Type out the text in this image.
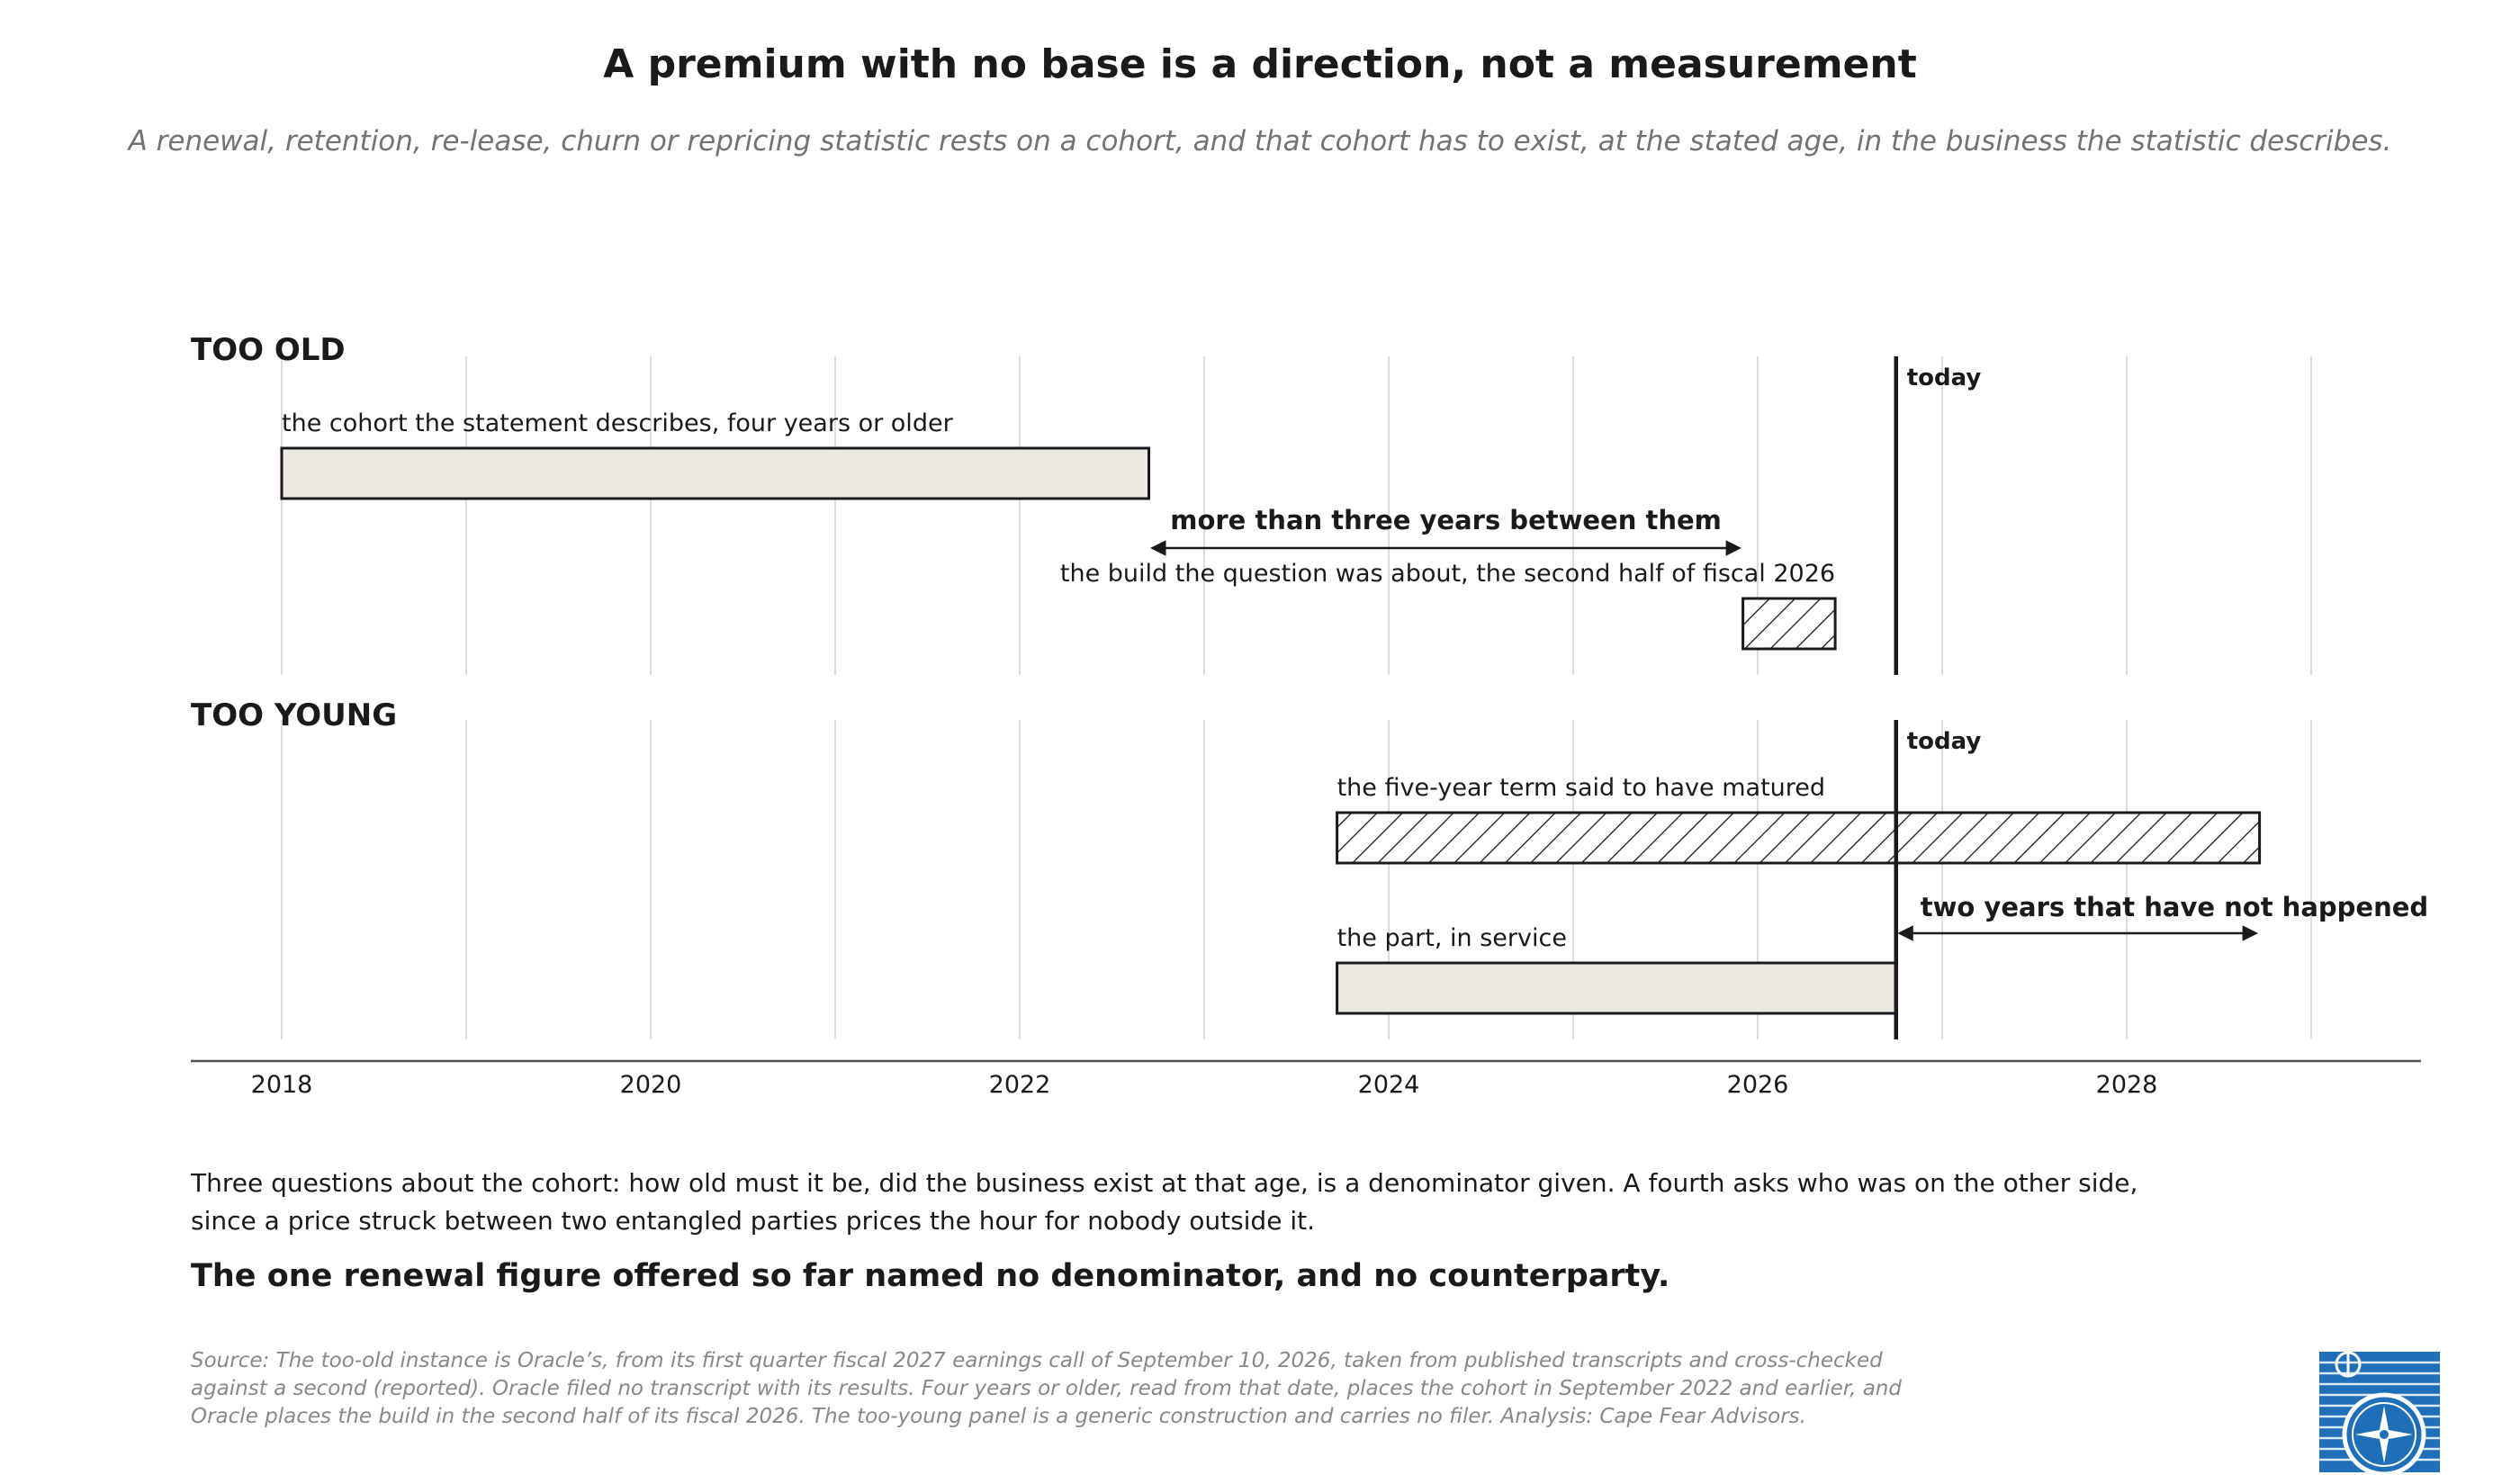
A premium with no base is a direction, not a measurement
A renewal, retention, re-lease, churn or repricing statistic rests on a cohort, and that cohort has to exist, at the stated age, in the business the statistic describes.
the cohort the statement describes, four years or older
the build the question was about, the second half of fiscal 2026
the five-year term said to have matured
the part, in service
more than three years between them
two years that have not happened
today
today
2018	2020	2022	2024	2026	2028
TOO OLD
TOO YOUNG
Three questions about the cohort: how old must it be, did the business exist at that age, is a denominator given. A fourth asks who was on the other side,
since a price struck between two entangled parties prices the hour for nobody outside it.
The one renewal figure offered so far named no denominator, and no counterparty.
Source: The too-old instance is Oracle’s, from its first quarter fiscal 2027 earnings call of September 10, 2026, taken from published transcripts and cross-checked
against a second (reported). Oracle filed no transcript with its results. Four years or older, read from that date, places the cohort in September 2022 and earlier, and
Oracle places the build in the second half of its fiscal 2026. The too-young panel is a generic construction and carries no filer. Analysis: Cape Fear Advisors.
